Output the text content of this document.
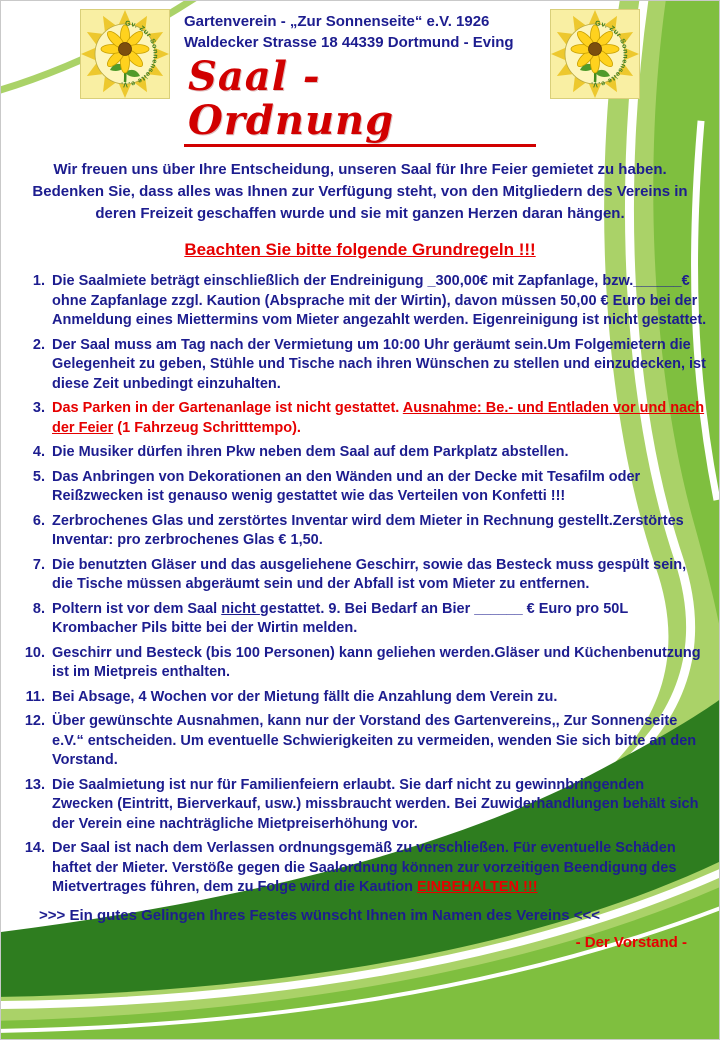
Gartenverein - „Zur Sonnenseite“ e.V. 1926
Waldecker Strasse 18 44339 Dortmund - Eving
Saal -Ordnung
Wir freuen uns über Ihre Entscheidung, unseren Saal für Ihre Feier gemietet zu haben. Bedenken Sie, dass alles was Ihnen zur Verfügung steht, von den Mitgliedern des Vereins in deren Freizeit geschaffen wurde und sie mit ganzen Herzen daran hängen.
Beachten Sie bitte folgende Grundregeln !!!
1. Die Saalmiete beträgt einschließlich der Endreinigung _300,00€ mit Zapfanlage, bzw.______€ ohne Zapfanlage zzgl. Kaution (Absprache mit der Wirtin), davon müssen 50,00 € Euro bei der Anmeldung eines Miettermins vom Mieter angezahlt werden. Eigenreinigung ist nicht gestattet.
2. Der Saal muss am Tag nach der Vermietung um 10:00 Uhr geräumt sein.Um Folgemietern die Gelegenheit zu geben, Stühle und Tische nach ihren Wünschen zu stellen und einzudecken, ist diese Zeit unbedingt einzuhalten.
3. Das Parken in der Gartenanlage ist nicht gestattet. Ausnahme: Be.- und Entladen vor und nach der Feier (1 Fahrzeug Schritttempo).
4. Die Musiker dürfen ihren Pkw neben dem Saal auf dem Parkplatz abstellen.
5. Das Anbringen von Dekorationen an den Wänden und an der Decke mit Tesafilm oder Reißzwecken ist genauso wenig gestattet wie das Verteilen von Konfetti !!!
6. Zerbrochenes Glas und zerstörtes Inventar wird dem Mieter in Rechnung gestellt.Zerstörtes Inventar: pro zerbrochenes Glas € 1,50.
7. Die benutzten Gläser und das ausgeliehene Geschirr, sowie das Besteck muss gespült sein, die Tische müssen abgeräumt sein und der Abfall ist vom Mieter zu entfernen.
8. Poltern ist vor dem Saal nicht gestattet. 9. Bei Bedarf an Bier ______ € Euro pro 50L Krombacher Pils bitte bei der Wirtin melden.
10. Geschirr und Besteck (bis 100 Personen) kann geliehen werden.Gläser und Küchenbenutzung ist im Mietpreis enthalten.
11. Bei Absage, 4 Wochen vor der Mietung fällt die Anzahlung dem Verein zu.
12. Über gewünschte Ausnahmen, kann nur der Vorstand des Gartenvereins,, Zur Sonnenseite e.V.“ entscheiden. Um eventuelle Schwierigkeiten zu vermeiden, wenden Sie sich bitte an den Vorstand.
13. Die Saalmietung ist nur für Familienfeiern erlaubt. Sie darf nicht zu gewinnbringenden Zwecken (Eintritt, Bierverkauf, usw.) missbraucht werden. Bei Zuwiderhandlungen behält sich der Verein eine nachträgliche Mietpreiserhöhung vor.
14. Der Saal ist nach dem Verlassen ordnungsgemäß zu verschließen. Für eventuelle Schäden haftet der Mieter. Verstöße gegen die Saalordnung können zur vorzeitigen Beendigung des Mietvertrages führen, dem zu Folge wird die Kaution EINBEHALTEN !!!
>>> Ein gutes Gelingen Ihres Festes wünscht Ihnen im Namen des Vereins <<<
- Der Vorstand -
